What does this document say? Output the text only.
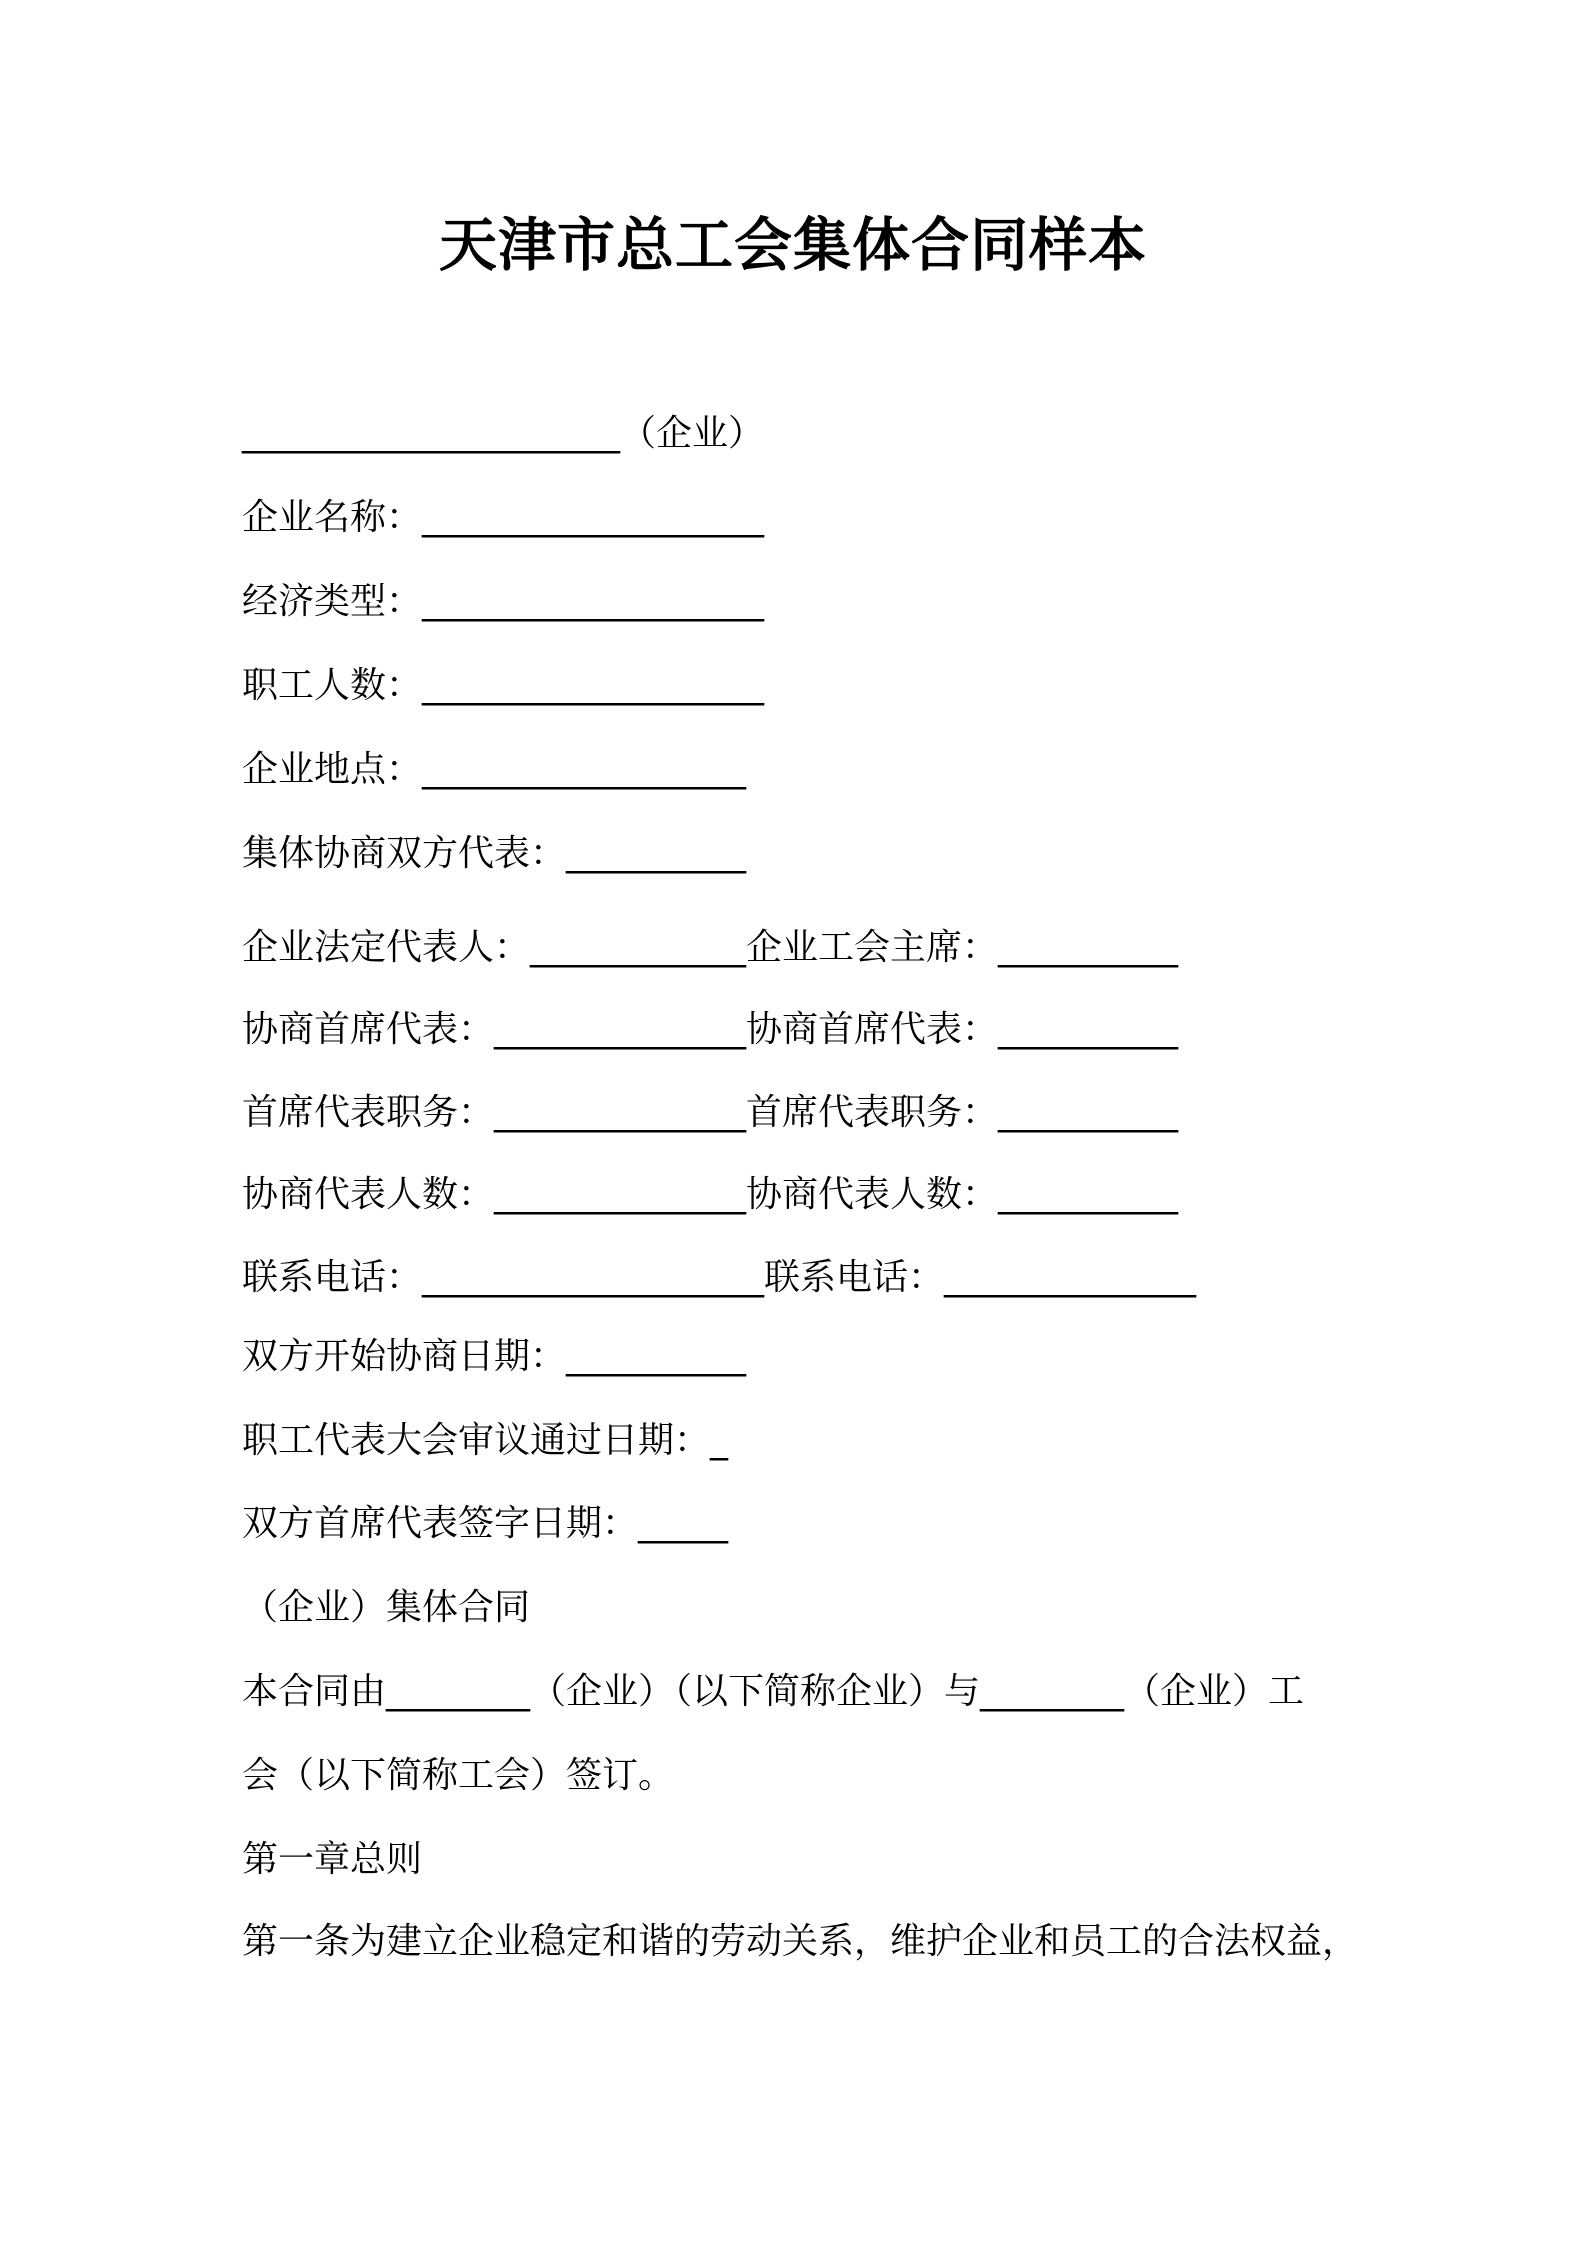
天津市总工会集体合同样本

_____________________（企业）

企业名称：___________________

经济类型：___________________

职工人数：___________________

企业地点：__________________

集体协商双方代表：__________

企业法定代表人：____________企业工会主席：__________

协商首席代表：______________协商首席代表：__________

首席代表职务：______________首席代表职务：__________

协商代表人数：______________协商代表人数：__________

联系电话：___________________联系电话：______________

双方开始协商日期：__________

职工代表大会审议通过日期：_

双方首席代表签字日期：_____

（企业）集体合同

本合同由________（企业）（以下简称企业）与________（企业）工

会（以下简称工会）签订。

第一章总则

第一条为建立企业稳定和谐的劳动关系，维护企业和员工的合法权益，
